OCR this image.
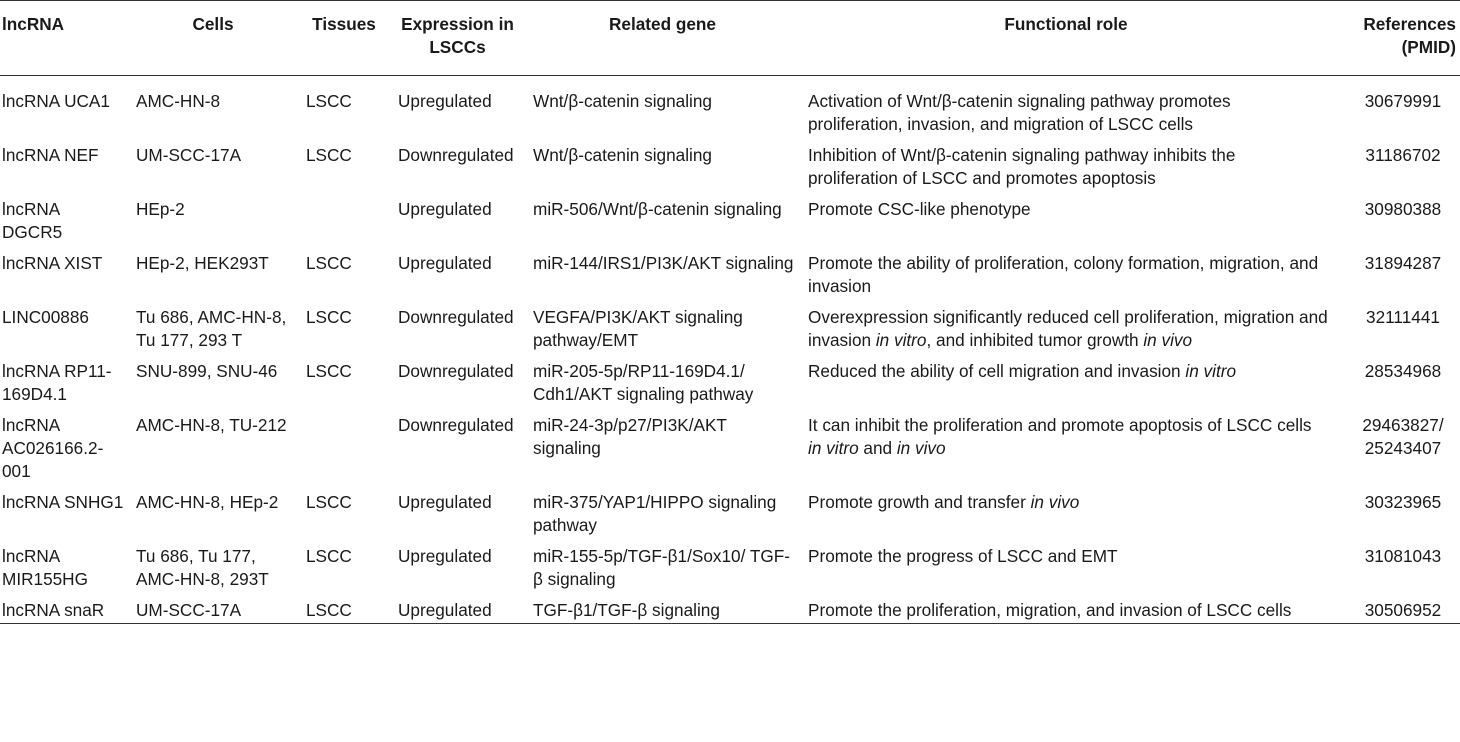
lncRNA	Cells	Tissues	Expression in LSCCs	Related gene	Functional role	References (PMID)
lncRNA UCA1	AMC-HN-8	LSCC	Upregulated	Wnt/β-catenin signaling	Activation of Wnt/β-catenin signaling pathway promotes proliferation, invasion, and migration of LSCC cells	30679991
lncRNA NEF	UM-SCC-17A	LSCC	Downregulated	Wnt/β-catenin signaling	Inhibition of Wnt/β-catenin signaling pathway inhibits the proliferation of LSCC and promotes apoptosis	31186702
lncRNA DGCR5	HEp-2		Upregulated	miR-506/Wnt/β-catenin signaling	Promote CSC-like phenotype	30980388
lncRNA XIST	HEp-2, HEK293T	LSCC	Upregulated	miR-144/IRS1/PI3K/AKT signaling	Promote the ability of proliferation, colony formation, migration, and invasion	31894287
LINC00886	Tu 686, AMC-HN-8, Tu 177, 293 T	LSCC	Downregulated	VEGFA/PI3K/AKT signaling pathway/EMT	Overexpression significantly reduced cell proliferation, migration and invasion in vitro, and inhibited tumor growth in vivo	32111441
lncRNA RP11-169D4.1	SNU-899, SNU-46	LSCC	Downregulated	miR-205-5p/RP11-169D4.1/ Cdh1/AKT signaling pathway	Reduced the ability of cell migration and invasion in vitro	28534968
lncRNA AC026166.2-001	AMC-HN-8, TU-212		Downregulated	miR-24-3p/p27/PI3K/AKT signaling	It can inhibit the proliferation and promote apoptosis of LSCC cells in vitro and in vivo	29463827/ 25243407
lncRNA SNHG1	AMC-HN-8, HEp-2	LSCC	Upregulated	miR-375/YAP1/HIPPO signaling pathway	Promote growth and transfer in vivo	30323965
lncRNA MIR155HG	Tu 686, Tu 177, AMC-HN-8, 293T	LSCC	Upregulated	miR-155-5p/TGF-β1/Sox10/ TGF-β signaling	Promote the progress of LSCC and EMT	31081043
lncRNA snaR	UM-SCC-17A	LSCC	Upregulated	TGF-β1/TGF-β signaling	Promote the proliferation, migration, and invasion of LSCC cells	30506952
